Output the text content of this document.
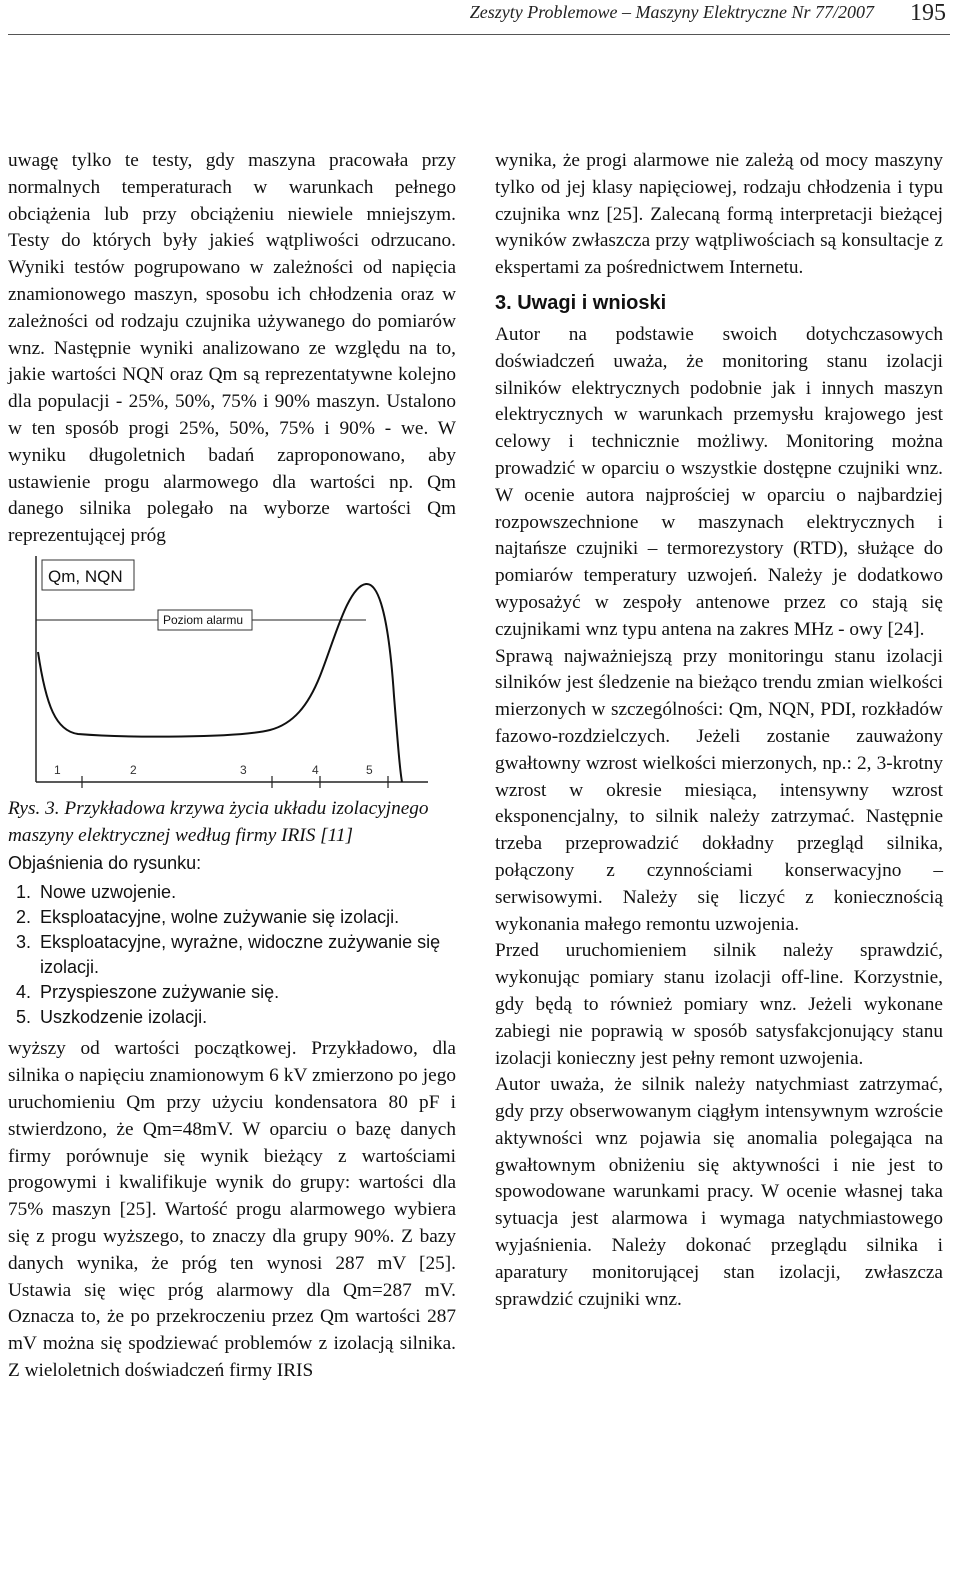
Zeszyty Problemowe – Maszyny Elektryczne Nr 77/2007 195

uwagę tylko te testy, gdy maszyna pracowała przy normalnych temperaturach w warunkach pełnego obciążenia lub przy obciążeniu niewiele mniejszym. Testy do których były jakieś wątpliwości odrzucano. Wyniki testów pogrupowano w zależności od napięcia znamionowego maszyn, sposobu ich chłodzenia oraz w zależności od rodzaju czujnika używanego do pomiarów wnz. Następnie wyniki analizowano ze względu na to, jakie wartości NQN oraz Qm są reprezentatywne kolejno dla populacji - 25%, 50%, 75% i 90% maszyn. Ustalono w ten sposób progi 25%, 50%, 75% i 90% - we. W wyniku długoletnich badań zaproponowano, aby ustawienie progu alarmowego dla wartości np. Qm danego silnika polegało na wyborze wartości Qm reprezentującej próg

Qm, NQN
Poziom alarmu
1	2	3	4	5

Rys. 3. Przykładowa krzywa życia układu izolacyjnego maszyny elektrycznej według firmy IRIS [11]

Objaśnienia do rysunku:

1. Nowe uzwojenie.
2. Eksploatacyjne, wolne zużywanie się izolacji.
3. Eksploatacyjne, wyrażne, widoczne zużywanie się izolacji.
4. Przyspieszone zużywanie się.
5. Uszkodzenie izolacji.

wyższy od wartości początkowej. Przykładowo, dla silnika o napięciu znamionowym 6 kV zmierzono po jego uruchomieniu Qm przy użyciu kondensatora 80 pF i stwierdzono, że Qm=48mV. W oparciu o bazę danych firmy porównuje się wynik bieżący z wartościami progowymi i kwalifikuje wynik do grupy: wartości dla 75% maszyn [25]. Wartość progu alarmowego wybiera się z progu wyższego, to znaczy dla grupy 90%. Z bazy danych wynika, że próg ten wynosi 287 mV [25]. Ustawia się więc próg alarmowy dla Qm=287 mV. Oznacza to, że po przekroczeniu przez Qm wartości 287 mV można się spodziewać problemów z izolacją silnika. Z wieloletnich doświadczeń firmy IRIS

wynika, że progi alarmowe nie zależą od mocy maszyny tylko od jej klasy napięciowej, rodzaju chłodzenia i typu czujnika wnz [25]. Zalecaną formą interpretacji bieżącej wyników zwłaszcza przy wątpliwościach są konsultacje z ekspertami za pośrednictwem Internetu.

3. Uwagi i wnioski

Autor na podstawie swoich dotychczasowych doświadczeń uważa, że monitoring stanu izolacji silników elektrycznych podobnie jak i innych maszyn elektrycznych w warunkach przemysłu krajowego jest celowy i technicznie możliwy. Monitoring można prowadzić w oparciu o wszystkie dostępne czujniki wnz. W ocenie autora najprościej w oparciu o najbardziej rozpowszechnione w maszynach elektrycznych i najtańsze czujniki – termorezystory (RTD), służące do pomiarów temperatury uzwojeń. Należy je dodatkowo wyposażyć w zespoły antenowe przez co stają się czujnikami wnz typu antena na zakres MHz - owy [24].

Sprawą najważniejszą przy monitoringu stanu izolacji silników jest śledzenie na bieżąco trendu zmian wielkości mierzonych w szczególności: Qm, NQN, PDI, rozkładów fazowo-rozdzielczych. Jeżeli zostanie zauważony gwałtowny wzrost wielkości mierzonych, np.: 2, 3-krotny wzrost w okresie miesiąca, intensywny wzrost eksponencjalny, to silnik należy zatrzymać. Następnie trzeba przeprowadzić dokładny przegląd silnika, połączony z czynnościami konserwacyjno – serwisowymi. Należy się liczyć z koniecznością wykonania małego remontu uzwojenia.

Przed uruchomieniem silnik należy sprawdzić, wykonując pomiary stanu izolacji off-line. Korzystnie, gdy będą to również pomiary wnz. Jeżeli wykonane zabiegi nie poprawią w sposób satysfakcjonujący stanu izolacji konieczny jest pełny remont uzwojenia.

Autor uważa, że silnik należy natychmiast zatrzymać, gdy przy obserwowanym ciągłym intensywnym wzroście aktywności wnz pojawia się anomalia polegająca na gwałtownym obniżeniu się aktywności i nie jest to spowodowane warunkami pracy. W ocenie własnej taka sytuacja jest alarmowa i wymaga natychmiastowego wyjaśnienia. Należy dokonać przeglądu silnika i aparatury monitorującej stan izolacji, zwłaszcza sprawdzić czujniki wnz.
